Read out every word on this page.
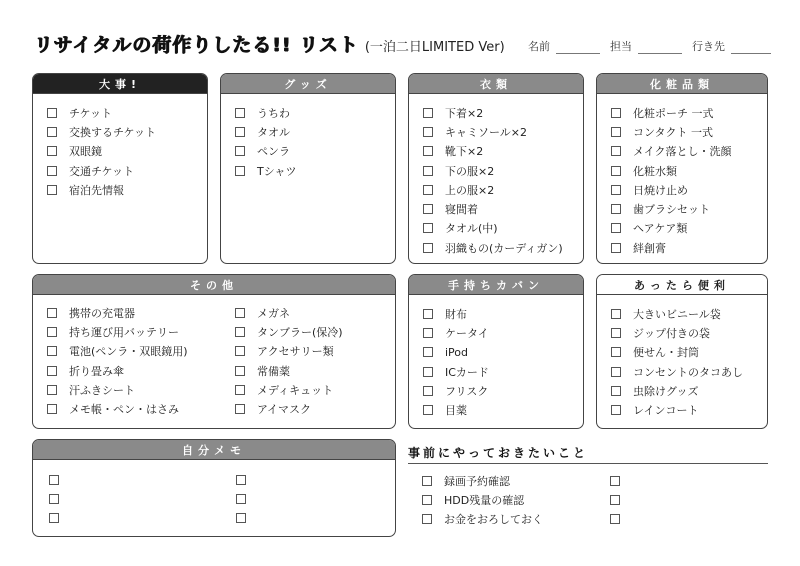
リサイタルの荷作りしたる!! リスト (一泊二日LIMITED Ver) 名前	担当	行き先
大事!
チケット
交換するチケット
双眼鏡
交通チケット
宿泊先情報
グッズ
うちわ
タオル
ペンラ
Tシャツ
衣類
下着×2
キャミソール×2
靴下×2
下の服×2
上の服×2
寝間着
タオル(中)
羽織もの(カーディガン)
化粧品類
化粧ポーチ 一式
コンタクト 一式
メイク落とし・洗顔
化粧水類
日焼け止め
歯ブラシセット
ヘアケア類
絆創膏
その他
携帯の充電器
持ち運び用バッテリー
電池(ペンラ・双眼鏡用)
折り畳み傘
汗ふきシート
メモ帳・ペン・はさみ
メガネ
タンブラー(保冷)
アクセサリー類
常備薬
メディキュット
アイマスク
手持ちカバン
財布
ケータイ
iPod
ICカード
フリスク
目薬
あったら便利
大きいビニール袋
ジップ付きの袋
便せん・封筒
コンセントのタコあし
虫除けグッズ
レインコート
自分メモ	事前にやっておきたいこと
録画予約確認
HDD残量の確認
お金をおろしておく
